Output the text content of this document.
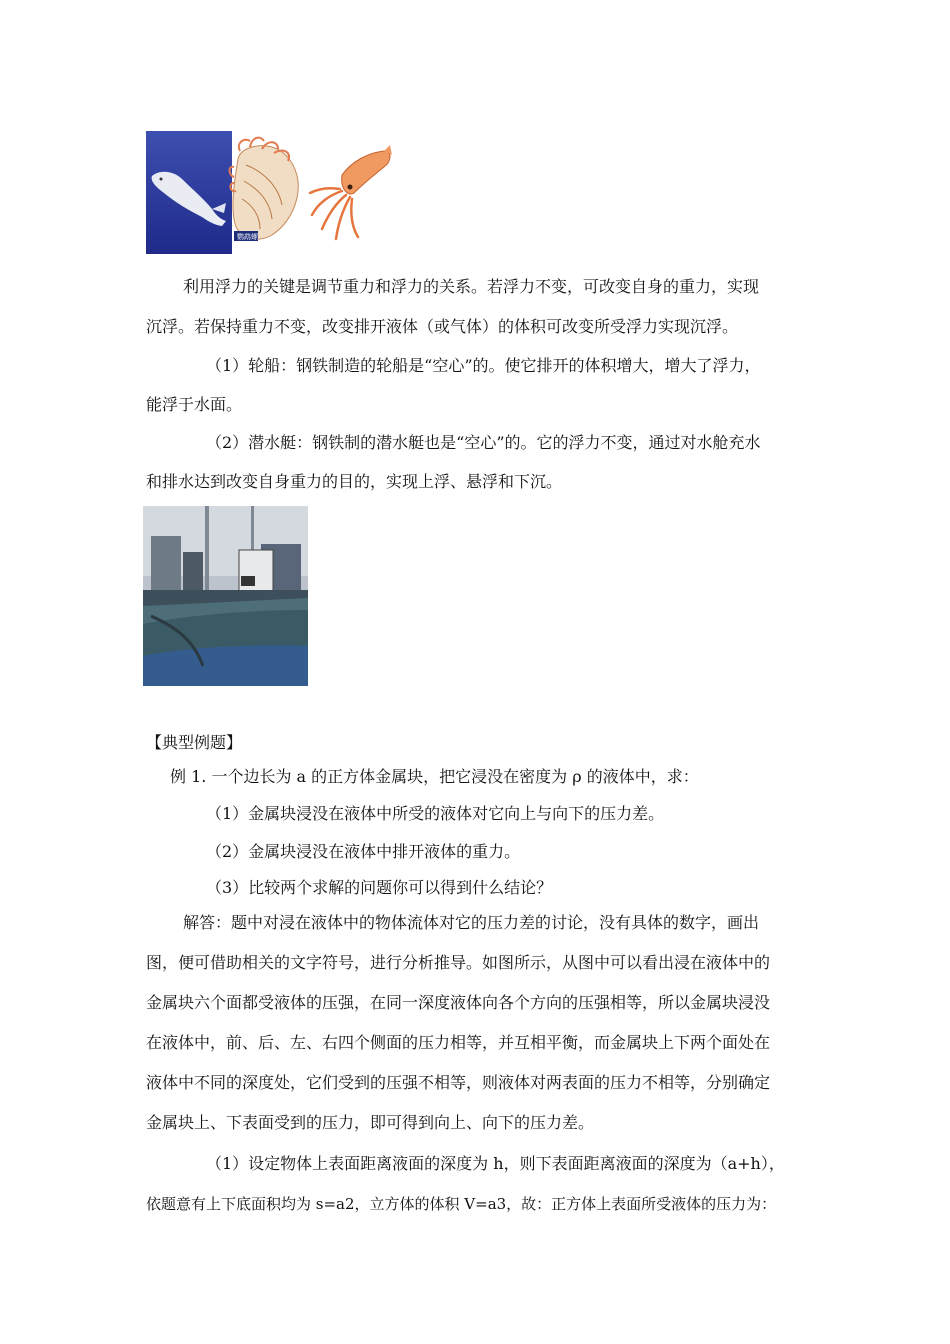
鹦鹉螺
利用浮力的关键是调节重力和浮力的关系。若浮力不变，可改变自身的重力，实现
沉浮。若保持重力不变，改变排开液体（或气体）的体积可改变所受浮力实现沉浮。
（1）轮船：钢铁制造的轮船是“空心”的。使它排开的体积增大，增大了浮力，
能浮于水面。
（2）潜水艇：钢铁制的潜水艇也是“空心”的。它的浮力不变，通过对水舱充水
和排水达到改变自身重力的目的，实现上浮、悬浮和下沉。
【典型例题】
例 1. 一个边长为 a 的正方体金属块，把它浸没在密度为 ρ 的液体中，求：
（1）金属块浸没在液体中所受的液体对它向上与向下的压力差。
（2）金属块浸没在液体中排开液体的重力。
（3）比较两个求解的问题你可以得到什么结论？
解答：题中对浸在液体中的物体流体对它的压力差的讨论，没有具体的数字，画出
图，便可借助相关的文字符号，进行分析推导。如图所示，从图中可以看出浸在液体中的
金属块六个面都受液体的压强，在同一深度液体向各个方向的压强相等，所以金属块浸没
在液体中，前、后、左、右四个侧面的压力相等，并互相平衡，而金属块上下两个面处在
液体中不同的深度处，它们受到的压强不相等，则液体对两表面的压力不相等，分别确定
金属块上、下表面受到的压力，即可得到向上、向下的压力差。
（1）设定物体上表面距离液面的深度为 h，则下表面距离液面的深度为（a+h），
依题意有上下底面积均为 s=a2，立方体的体积 V=a3，故：正方体上表面所受液体的压力为：
